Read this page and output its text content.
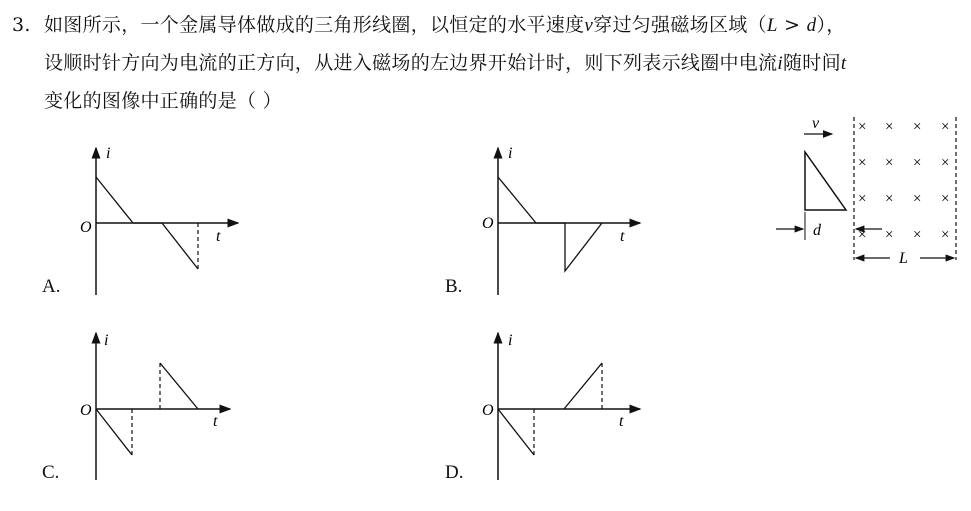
3. 如图所示，一个金属导体做成的三角形线圈，以恒定的水平速度v穿过匀强磁场区域（L > d），
设顺时针方向为电流的正方向，从进入磁场的左边界开始计时，则下列表示线圈中电流i随时间t
变化的图像中正确的是（ ）
v	× × × ×
× × × ×
× × × ×
× × × ×
d
L
i
t
O
A.
i
t
O
B.
i
t
O
C.
i
t
O
D.
